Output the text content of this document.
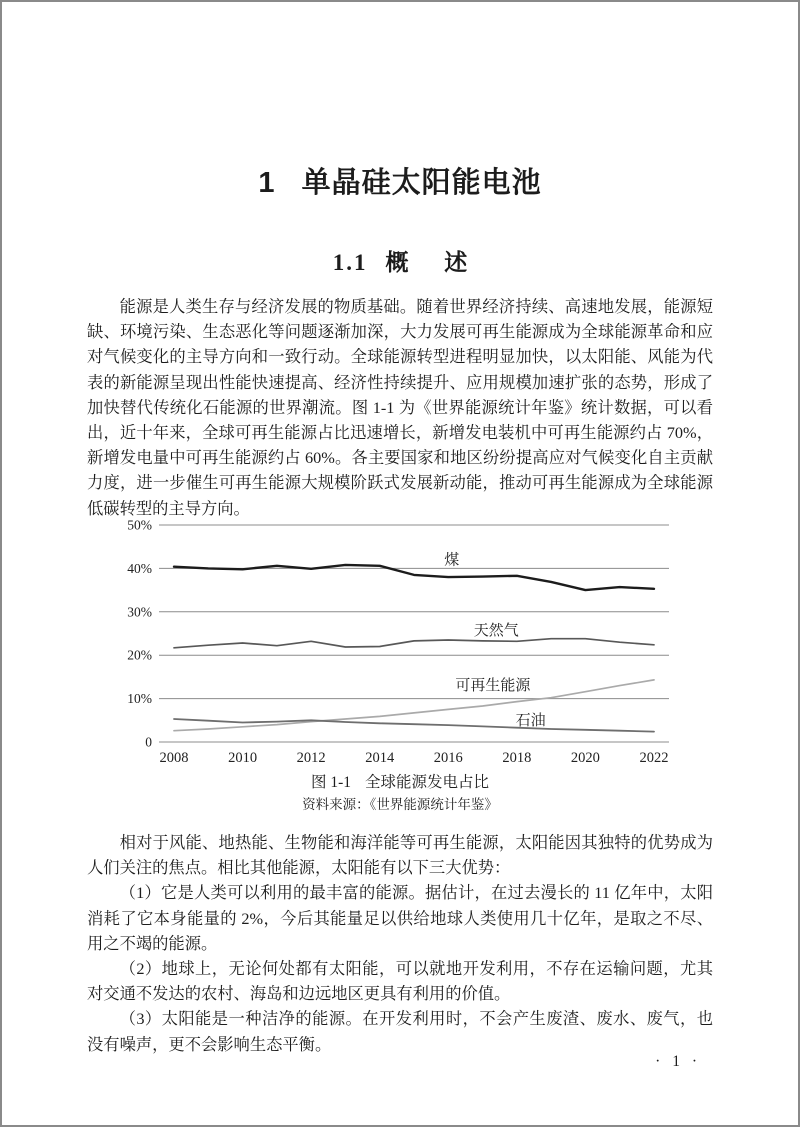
1 单晶硅太阳能电池
1.1 概 述

能源是人类生存与经济发展的物质基础。随着世界经济持续、高速地发展，能源短缺、环境污染、生态恶化等问题逐渐加深，大力发展可再生能源成为全球能源革命和应对气候变化的主导方向和一致行动。全球能源转型进程明显加快，以太阳能、风能为代表的新能源呈现出性能快速提高、经济性持续提升、应用规模加速扩张的态势，形成了加快替代传统化石能源的世界潮流。图 1-1 为《世界能源统计年鉴》统计数据，可以看出，近十年来，全球可再生能源占比迅速增长，新增发电装机中可再生能源约占 70%，新增发电量中可再生能源约占 60%。各主要国家和地区纷纷提高应对气候变化自主贡献力度，进一步催生可再生能源大规模阶跃式发展新动能，推动可再生能源成为全球能源低碳转型的主导方向。

50%
40%
30%
20%
10%
0
2008	2010	2012	2014	2016	2018	2020	2022
煤
天然气
可再生能源
石油
图 1-1 全球能源发电占比
资料来源：《世界能源统计年鉴》

相对于风能、地热能、生物能和海洋能等可再生能源，太阳能因其独特的优势成为人们关注的焦点。相比其他能源，太阳能有以下三大优势：

（1）它是人类可以利用的最丰富的能源。据估计，在过去漫长的 11 亿年中，太阳消耗了它本身能量的 2%，今后其能量足以供给地球人类使用几十亿年，是取之不尽、用之不竭的能源。

（2）地球上，无论何处都有太阳能，可以就地开发利用，不存在运输问题，尤其对交通不发达的农村、海岛和边远地区更具有利用的价值。

（3）太阳能是一种洁净的能源。在开发利用时，不会产生废渣、废水、废气，也没有噪声，更不会影响生态平衡。

· 1 ·
